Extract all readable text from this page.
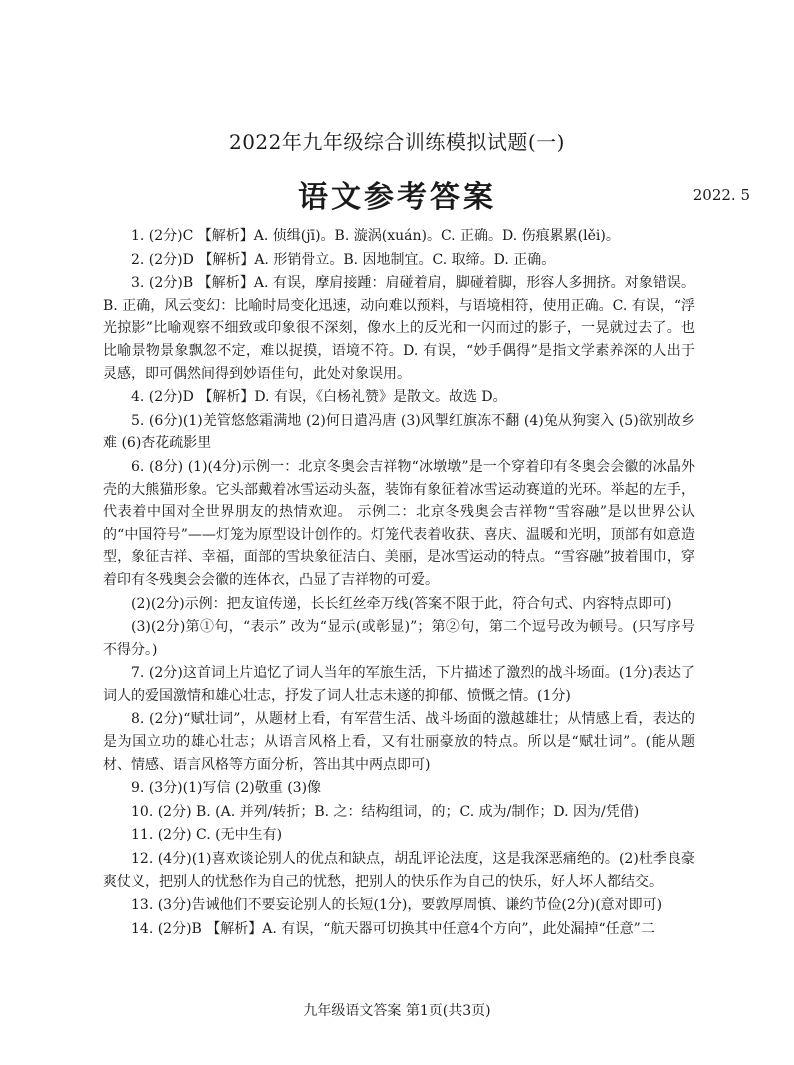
2022年九年级综合训练模拟试题(一)
语文参考答案	2022. 5

1. (2分)C 【解析】A. 侦缉(jī)。B. 漩涡(xuán)。C. 正确。D. 伤痕累累(lěi)。

2. (2分)D 【解析】A. 形销骨立。B. 因地制宜。C. 取缔。D. 正确。

3. (2分)B 【解析】A. 有误，摩肩接踵：肩碰着肩，脚碰着脚，形容人多拥挤。对象错误。B. 正确，风云变幻：比喻时局变化迅速，动向难以预料，与语境相符，使用正确。C. 有误，“浮光掠影”比喻观察不细致或印象很不深刻，像水上的反光和一闪而过的影子，一晃就过去了。也比喻景物景象飘忽不定，难以捉摸，语境不符。D. 有误，“妙手偶得”是指文学素养深的人出于灵感，即可偶然间得到妙语佳句，此处对象误用。

4. (2分)D 【解析】D. 有误，《白杨礼赞》是散文。故选 D。

5. (6分)(1)羌管悠悠霜满地 (2)何日遣冯唐 (3)风掣红旗冻不翻 (4)兔从狗窦入 (5)欲别故乡难 (6)杏花疏影里

6. (8分) (1)(4分)示例一：北京冬奥会吉祥物“冰墩墩”是一个穿着印有冬奥会会徽的冰晶外壳的大熊猫形象。它头部戴着冰雪运动头盔，装饰有象征着冰雪运动赛道的光环。举起的左手，代表着中国对全世界朋友的热情欢迎。 示例二：北京冬残奥会吉祥物“雪容融”是以世界公认的“中国符号”——灯笼为原型设计创作的。灯笼代表着收获、喜庆、温暖和光明，顶部有如意造型，象征吉祥、幸福，面部的雪块象征洁白、美丽，是冰雪运动的特点。“雪容融”披着围巾，穿着印有冬残奥会会徽的连体衣，凸显了吉祥物的可爱。

(2)(2分)示例：把友谊传递，长长红丝牵万线(答案不限于此，符合句式、内容特点即可)

(3)(2分)第①句，“表示” 改为“显示(或彰显)”；第②句，第二个逗号改为顿号。(只写序号不得分。)

7. (2分)这首词上片追忆了词人当年的军旅生活，下片描述了激烈的战斗场面。(1分)表达了词人的爱国激情和雄心壮志，抒发了词人壮志未遂的抑郁、愤慨之情。(1分)

8. (2分)“赋壮词”，从题材上看，有军营生活、战斗场面的激越雄壮；从情感上看，表达的是为国立功的雄心壮志；从语言风格上看，又有壮丽豪放的特点。所以是“赋壮词”。(能从题材、情感、语言风格等方面分析，答出其中两点即可)

9. (3分)(1)写信 (2)敬重 (3)像

10. (2分) B. (A. 并列/转折；B. 之：结构组词，的；C. 成为/制作；D. 因为/凭借)

11. (2分) C. (无中生有)

12. (4分)(1)喜欢谈论别人的优点和缺点，胡乱评论法度，这是我深恶痛绝的。(2)杜季良豪爽仗义，把别人的忧愁作为自己的忧愁，把别人的快乐作为自己的快乐，好人坏人都结交。

13. (3分)告诫他们不要妄论别人的长短(1分)，要敦厚周慎、谦约节俭(2分)(意对即可)

14. (2分)B 【解析】A. 有误，“航天器可切换其中任意4个方向”，此处漏掉“任意”二

九年级语文答案 第1页(共3页)
